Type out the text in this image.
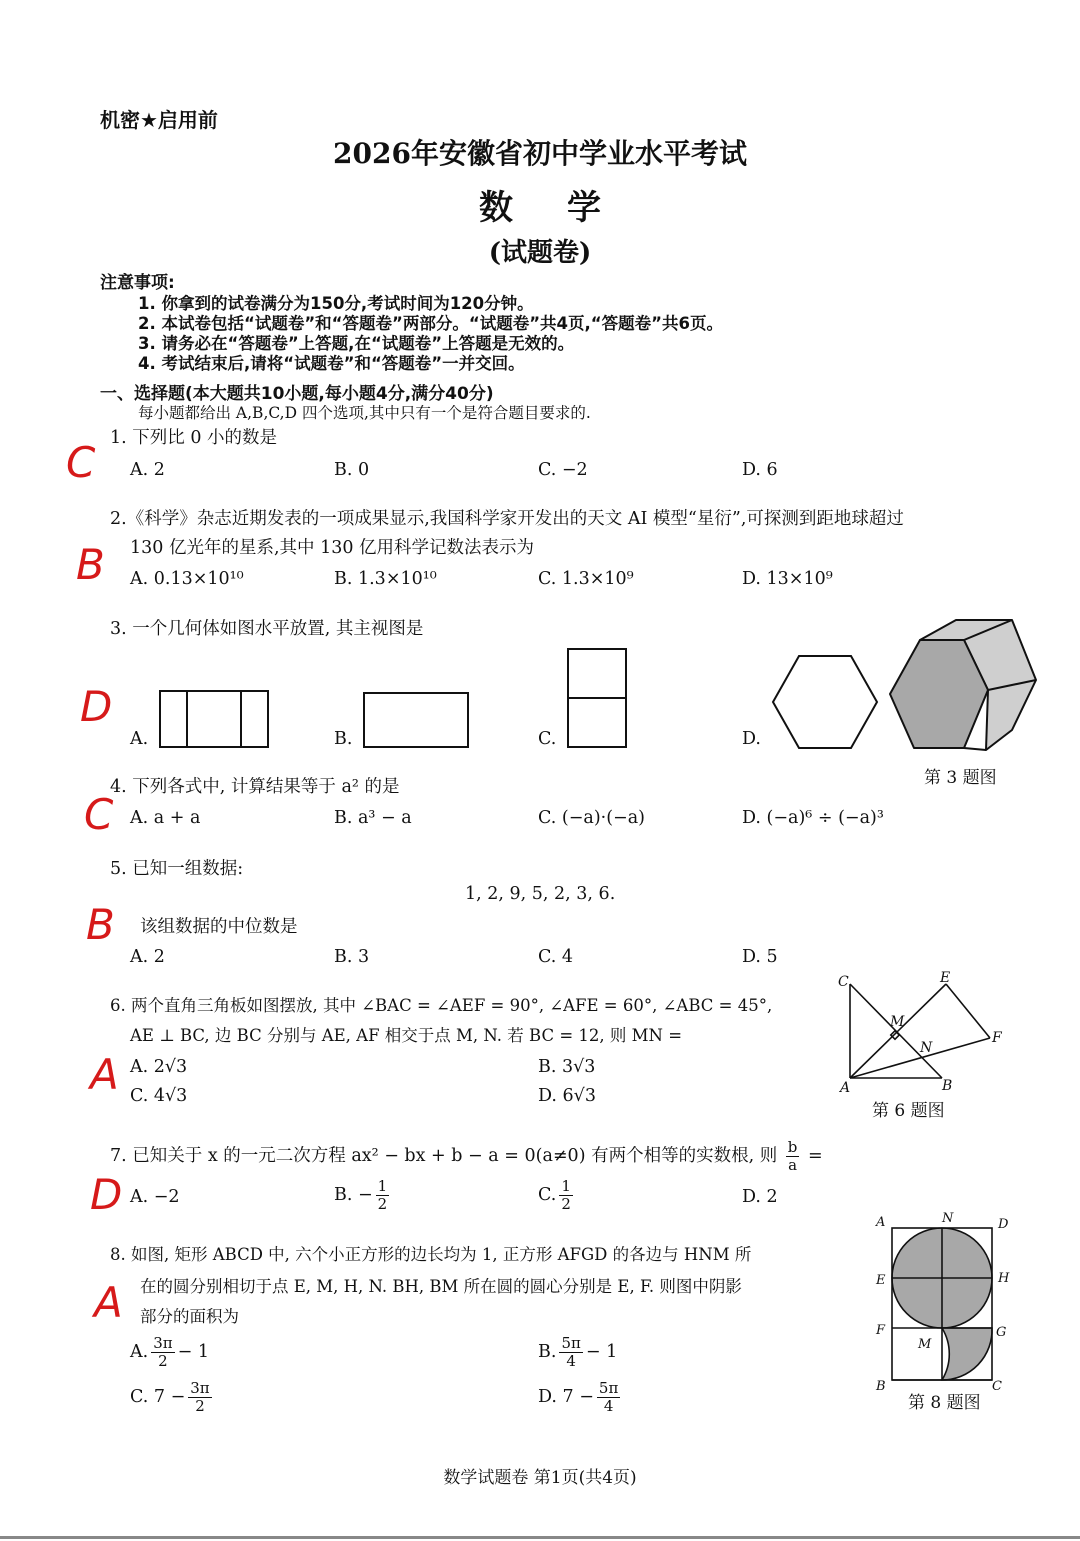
机密★启用前
2026年安徽省初中学业水平考试
数学
(试题卷)
注意事项:
1. 你拿到的试卷满分为150分,考试时间为120分钟。
2. 本试卷包括“试题卷”和“答题卷”两部分。“试题卷”共4页,“答题卷”共6页。
3. 请务必在“答题卷”上答题,在“试题卷”上答题是无效的。
4. 考试结束后,请将“试题卷”和“答题卷”一并交回。
一、选择题(本大题共10小题,每小题4分,满分40分)
每小题都给出 A,B,C,D 四个选项,其中只有一个是符合题目要求的.
1. 下列比 0 小的数是
C A. 2	B. 0	C. −2	D. 6
2.《科学》杂志近期发表的一项成果显示,我国科学家开发出的天文 AI 模型“星衍”,可探测到距地球超过
130 亿光年的星系,其中 130 亿用科学记数法表示为
B A. 0.13×10¹⁰	B. 1.3×10¹⁰	C. 1.3×10⁹	D. 13×10⁹
3. 一个几何体如图水平放置, 其主视图是
D
A.	B.	C.	D.
第 3 题图
4. 下列各式中, 计算结果等于 a² 的是
C A. a + a	B. a³ − a	C. (−a)·(−a)	D. (−a)⁶ ÷ (−a)³
5. 已知一组数据:
1, 2, 9, 5, 2, 3, 6.
该组数据的中位数是
B
A. 2	B. 3	C. 4	D. 5
6. 两个直角三角板如图摆放, 其中 ∠BAC = ∠AEF = 90°, ∠AFE = 60°, ∠ABC = 45°,
AE ⊥ BC, 边 BC 分别与 AE, AF 相交于点 M, N. 若 BC = 12, 则 MN =
A A. 2√3	B. 3√3
C. 4√3	D. 6√3
C	E
M
N
F
A	B
第 6 题图
7. 已知关于 x 的一元二次方程 ax² − bx + b − a = 0(a≠0) 有两个相等的实数根, 则 $\frac{b}{a}$ =
D A. −2	B. − $\frac{1}{2}$	C. $\frac{1}{2}$	D. 2
8. 如图, 矩形 ABCD 中, 六个小正方形的边长均为 1, 正方形 AFGD 的各边与 HNM 所
在的圆分别相切于点 E, M, H, N. BH, BM 所在圆的圆心分别是 E, F. 则图中阴影
部分的面积为
A
A. $\frac{3\pi}{2} - 1$	B. $\frac{5\pi}{4} - 1$
C. $7 - \frac{3\pi}{2}$	D. $7 - \frac{5\pi}{4}$
A	N	D
E	H
F	G
M
B	C
第 8 题图
数学试题卷 第1页(共4页)
